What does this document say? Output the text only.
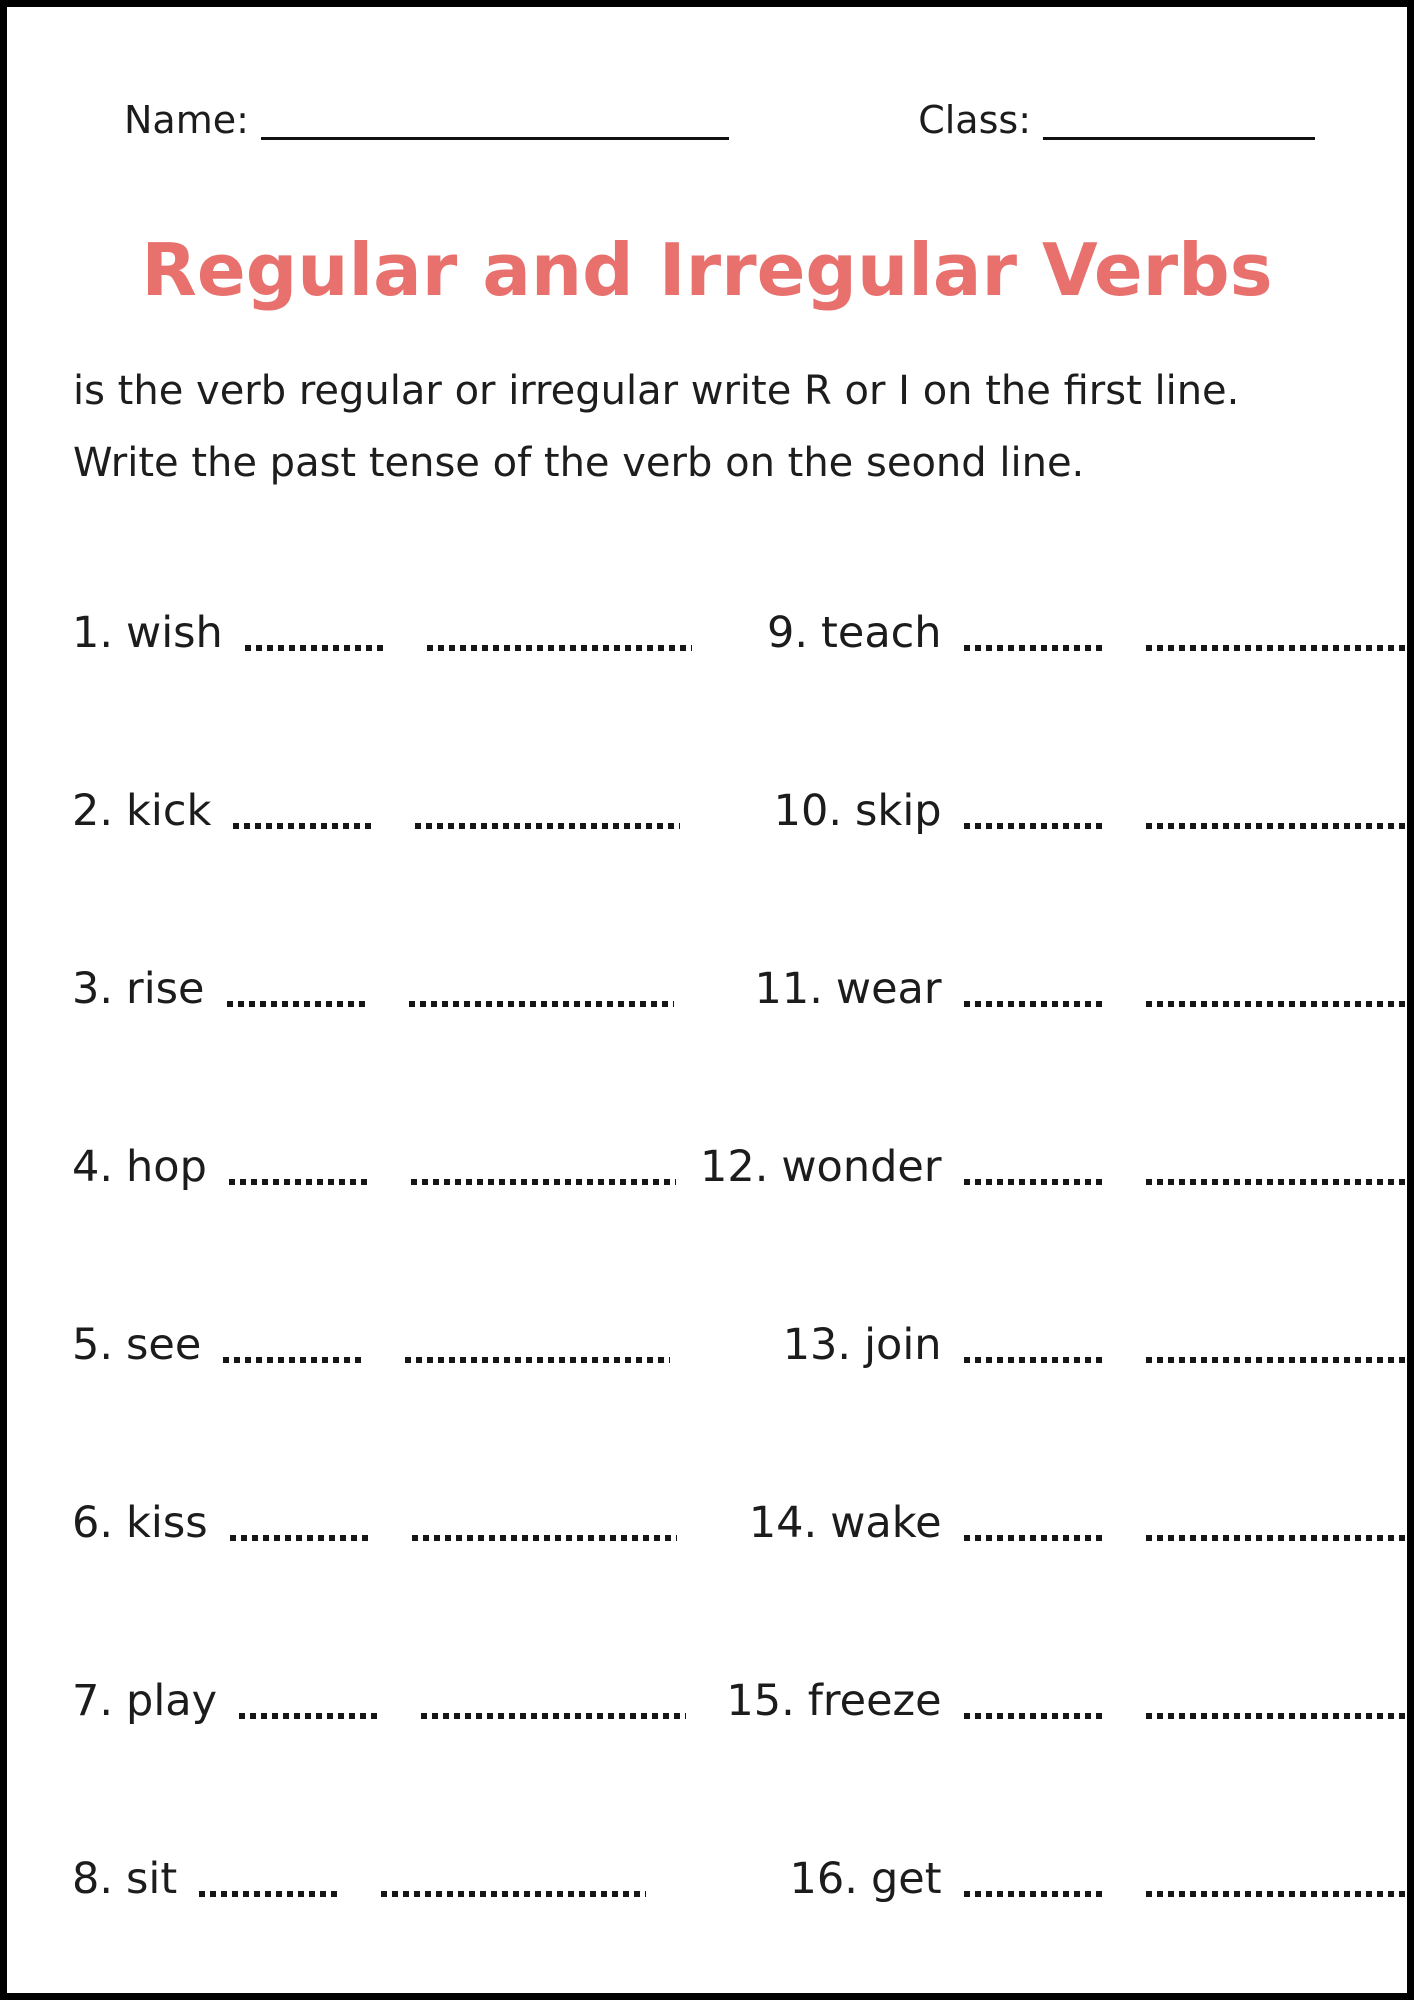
Name:	Class:
Regular and Irregular Verbs

is the verb regular or irregular write R or I on the first line.
Write the past tense of the verb on the seond line.

1. wish
2. kick
3. rise
4. hop
5. see
6. kiss
7. play
8. sit
9. teach
10. skip
11. wear
12. wonder
13. join
14. wake
15. freeze
16. get
